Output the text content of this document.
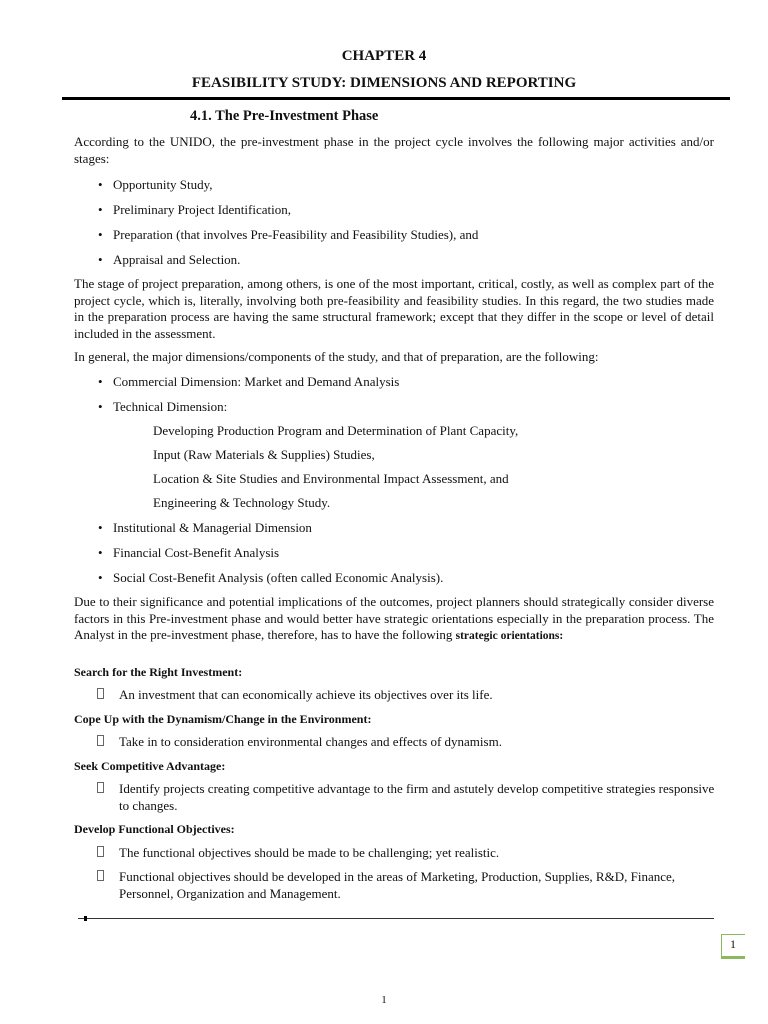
CHAPTER 4
FEASIBILITY STUDY: DIMENSIONS AND REPORTING
4.1. The Pre-Investment Phase
According to the UNIDO, the pre-investment phase in the project cycle involves the following major activities and/or stages:
• Opportunity Study,
• Preliminary Project Identification,
• Preparation (that involves Pre-Feasibility and Feasibility Studies), and
• Appraisal and Selection.
The stage of project preparation, among others, is one of the most important, critical, costly, as well as complex part of the project cycle, which is, literally, involving both pre-feasibility and feasibility studies. In this regard, the two studies made in the preparation process are having the same structural framework; except that they differ in the scope or level of detail included in the assessment.
In general, the major dimensions/components of the study, and that of preparation, are the following:
• Commercial Dimension: Market and Demand Analysis
• Technical Dimension:
Developing Production Program and Determination of Plant Capacity,
Input (Raw Materials & Supplies) Studies,
Location & Site Studies and Environmental Impact Assessment, and
Engineering & Technology Study.
• Institutional & Managerial Dimension
• Financial Cost-Benefit Analysis
• Social Cost-Benefit Analysis (often called Economic Analysis).
Due to their significance and potential implications of the outcomes, project planners should strategically consider diverse factors in this Pre-investment phase and would better have strategic orientations especially in the preparation process. The Analyst in the pre-investment phase, therefore, has to have the following strategic orientations:
Search for the Right Investment:
An investment that can economically achieve its objectives over its life.
Cope Up with the Dynamism/Change in the Environment:
Take in to consideration environmental changes and effects of dynamism.
Seek Competitive Advantage:
Identify projects creating competitive advantage to the firm and astutely develop competitive strategies responsive to changes.
Develop Functional Objectives:
The functional objectives should be made to be challenging; yet realistic.
Functional objectives should be developed in the areas of Marketing, Production, Supplies, R&D, Finance, Personnel, Organization and Management.
1
1
